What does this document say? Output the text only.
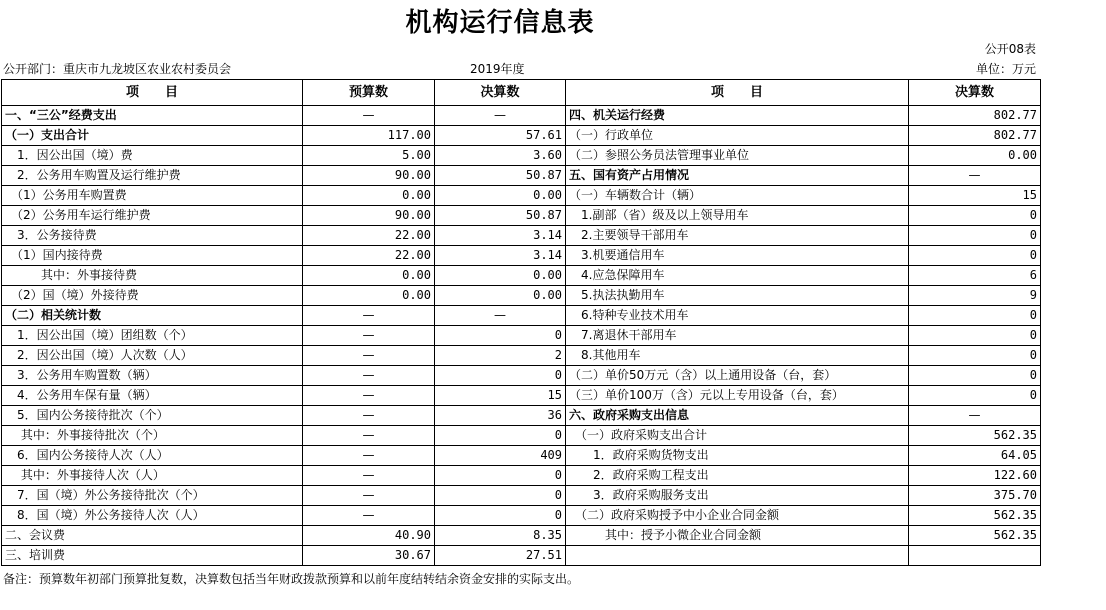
机构运行信息表
公开08表
公开部门：重庆市九龙坡区农业农村委员会	2019年度	单位：万元
项　　目	预算数	决算数	项　　目	决算数
一、“三公”经费支出	—	—	四、机关运行经费	802.77
（一）支出合计	117.00	57.61	（一）行政单位	802.77
　1．因公出国（境）费	5.00	3.60	（二）参照公务员法管理事业单位	0.00
　2．公务用车购置及运行维护费	90.00	50.87	五、国有资产占用情况	—
　（1）公务用车购置费	0.00	0.00	（一）车辆数合计（辆）	15
　（2）公务用车运行维护费	90.00	50.87	　1.副部（省）级及以上领导用车	0
　3．公务接待费	22.00	3.14	　2.主要领导干部用车	0
　（1）国内接待费	22.00	3.14	　3.机要通信用车	0
　　　其中：外事接待费	0.00	0.00	　4.应急保障用车	6
　（2）国（境）外接待费	0.00	0.00	　5.执法执勤用车	9
（二）相关统计数	—	—	　6.特种专业技术用车	0
　1．因公出国（境）团组数（个）	—	0	　7.离退休干部用车	0
　2．因公出国（境）人次数（人）	—	2	　8.其他用车	0
　3．公务用车购置数（辆）	—	0	（二）单价50万元（含）以上通用设备（台，套）	0
　4．公务用车保有量（辆）	—	15	（三）单价100万（含）元以上专用设备（台，套）	0
　5．国内公务接待批次（个）	—	36	六、政府采购支出信息	—
　 其中：外事接待批次（个）	—	0	　（一）政府采购支出合计	562.35
　6．国内公务接待人次（人）	—	409	　　1．政府采购货物支出	64.05
　 其中：外事接待人次（人）	—	0	　　2．政府采购工程支出	122.60
　7．国（境）外公务接待批次（个）	—	0	　　3．政府采购服务支出	375.70
　8．国（境）外公务接待人次（人）	—	0	　（二）政府采购授予中小企业合同金额	562.35
二、会议费	40.90	8.35	　　　其中：授予小微企业合同金额	562.35
三、培训费	30.67	27.51		
备注：预算数年初部门预算批复数，决算数包括当年财政拨款预算和以前年度结转结余资金安排的实际支出。
